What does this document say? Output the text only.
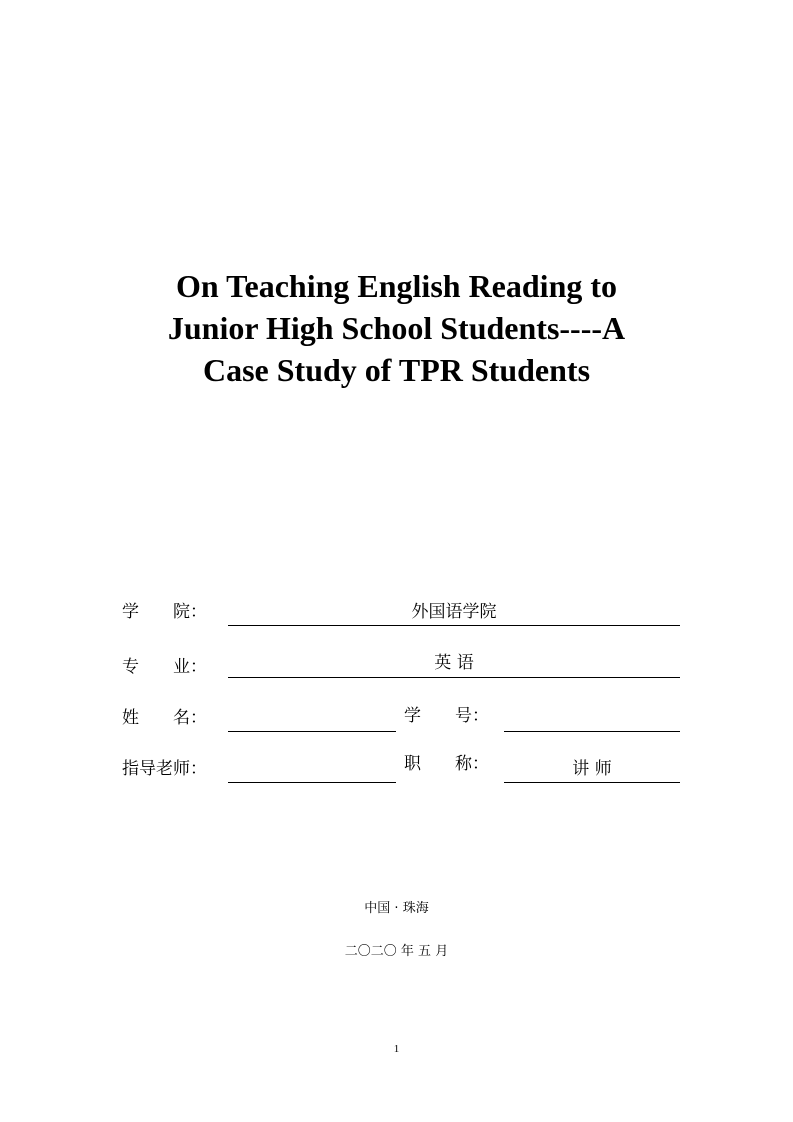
On Teaching English Reading to
Junior High School Students----A
Case Study of TPR Students
学　　院：	外国语学院
专　　业：	英 语
姓　　名：	学　　号：
指导老师：	职　　称：	讲 师
中国 · 珠海
二〇二〇 年 五 月
1
